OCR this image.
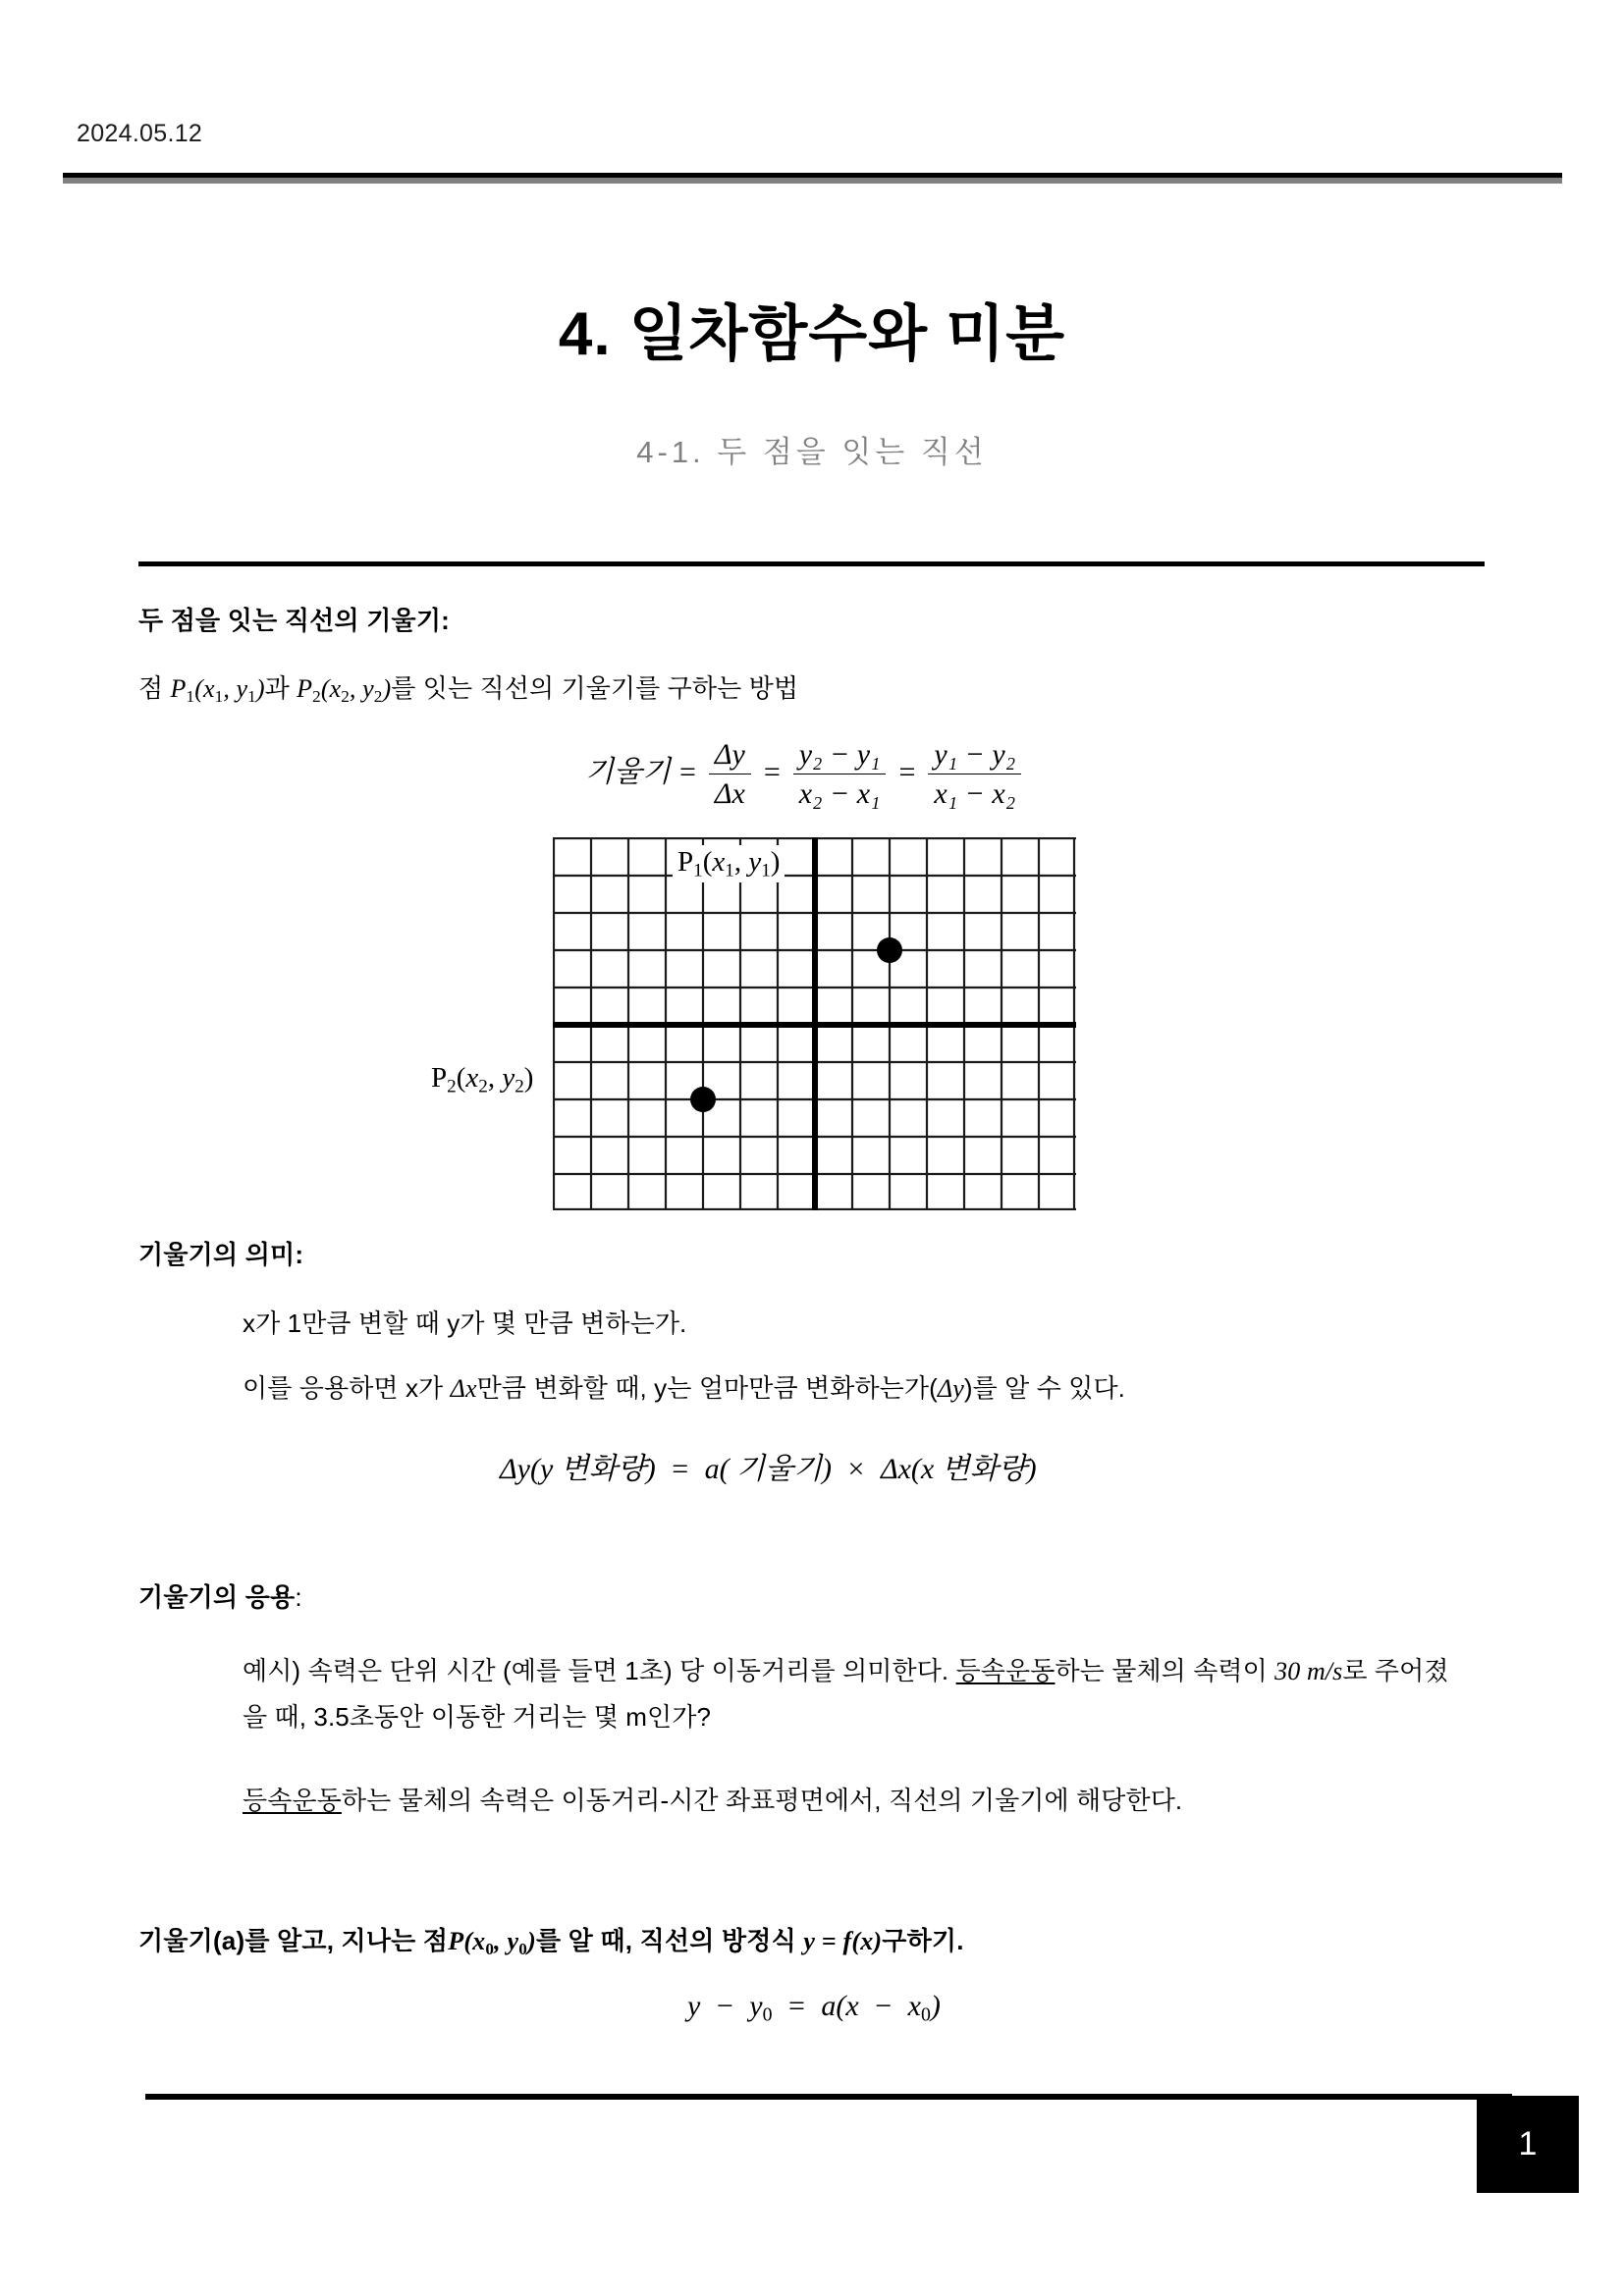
2024.05.12
4. 일차함수와 미분
4-1. 두 점을 잇는 직선
두 점을 잇는 직선의 기울기:
점 $P_1(x_1$, $y_1$)과 $P_2(x_2$, $y_2$)를 잇는 직선의 기울기를 구하는 방법
기울기 = $\frac{\Delta y}{\Delta x} = \frac{\text{y₂ − y₁}}{\text{x₂ − x₁}} = \frac{\text{y₁ − y₂}}{\text{x₁ − x₂}}$
$P_1(x_1$, $y_1$)
$P_2(x_2$, $y_2$)
기울기의 의미:
x가 1만큼 변할 때 y가 몇 만큼 변하는가.
이를 응용하면 x가 Δx만큼 변화할 때, y는 얼마만큼 변화하는가(Δy)를 알 수 있다.
Δy(y 변화량) = a( 기울기) × Δx(x 변화량)
기울기의 응용:
예시) 속력은 단위 시간 (예를 들면 1초) 당 이동거리를 의미한다. 등속운동하는 물체의 속력이 30 m/s로 주어졌을 때, 3.5초동안 이동한 거리는 몇 m인가?
등속운동하는 물체의 속력은 이동거리-시간 좌표평면에서, 직선의 기울기에 해당한다.
기울기(a)를 알고, 지나는 점$P(x_0$, $y_0$)를 알 때, 직선의 방정식 y = f(x)구하기.
$y - y_0 = a(x - x_0)$
1
